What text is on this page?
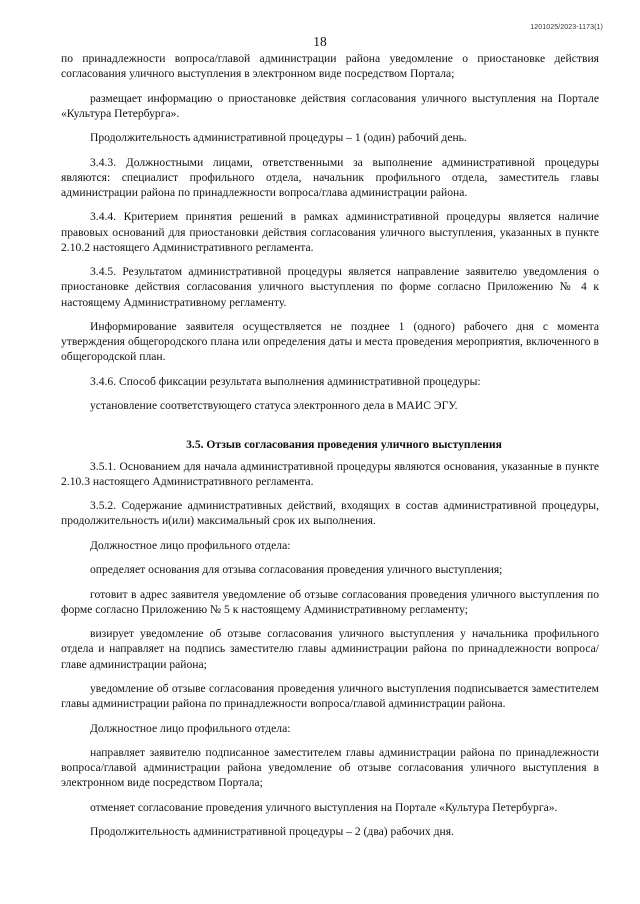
1201025/2023-1173(1)
18

по принадлежности вопроса/главой администрации района уведомление о приостановке действия согласования уличного выступления в электронном виде посредством Портала;

размещает информацию о приостановке действия согласования уличного выступления на Портале «Культура Петербурга».

Продолжительность административной процедуры – 1 (один) рабочий день.

3.4.3. Должностными лицами, ответственными за выполнение административной процедуры являются: специалист профильного отдела, начальник профильного отдела, заместитель главы администрации района по принадлежности вопроса/глава администрации района.

3.4.4. Критерием принятия решений в рамках административной процедуры является наличие правовых оснований для приостановки действия согласования уличного выступления, указанных в пункте 2.10.2 настоящего Административного регламента.

3.4.5. Результатом административной процедуры является направление заявителю уведомления о приостановке действия согласования уличного выступления по форме согласно Приложению № 4 к настоящему Административному регламенту.

Информирование заявителя осуществляется не позднее 1 (одного) рабочего дня с момента утверждения общегородского плана или определения даты и места проведения мероприятия, включенного в общегородской план.

3.4.6. Способ фиксации результата выполнения административной процедуры:

установление соответствующего статуса электронного дела в МАИС ЭГУ.

3.5. Отзыв согласования проведения уличного выступления

3.5.1. Основанием для начала административной процедуры являются основания, указанные в пункте 2.10.3 настоящего Административного регламента.

3.5.2. Содержание административных действий, входящих в состав административной процедуры, продолжительность и(или) максимальный срок их выполнения.

Должностное лицо профильного отдела:

определяет основания для отзыва согласования проведения уличного выступления;

готовит в адрес заявителя уведомление об отзыве согласования проведения уличного выступления по форме согласно Приложению № 5 к настоящему Административному регламенту;

визирует уведомление об отзыве согласования уличного выступления у начальника профильного отдела и направляет на подпись заместителю главы администрации района по принадлежности вопроса/главе администрации района;

уведомление об отзыве согласования проведения уличного выступления подписывается заместителем главы администрации района по принадлежности вопроса/главой администрации района.

Должностное лицо профильного отдела:

направляет заявителю подписанное заместителем главы администрации района по принадлежности вопроса/главой администрации района уведомление об отзыве согласования уличного выступления в электронном виде посредством Портала;

отменяет согласование проведения уличного выступления на Портале «Культура Петербурга».

Продолжительность административной процедуры – 2 (два) рабочих дня.
